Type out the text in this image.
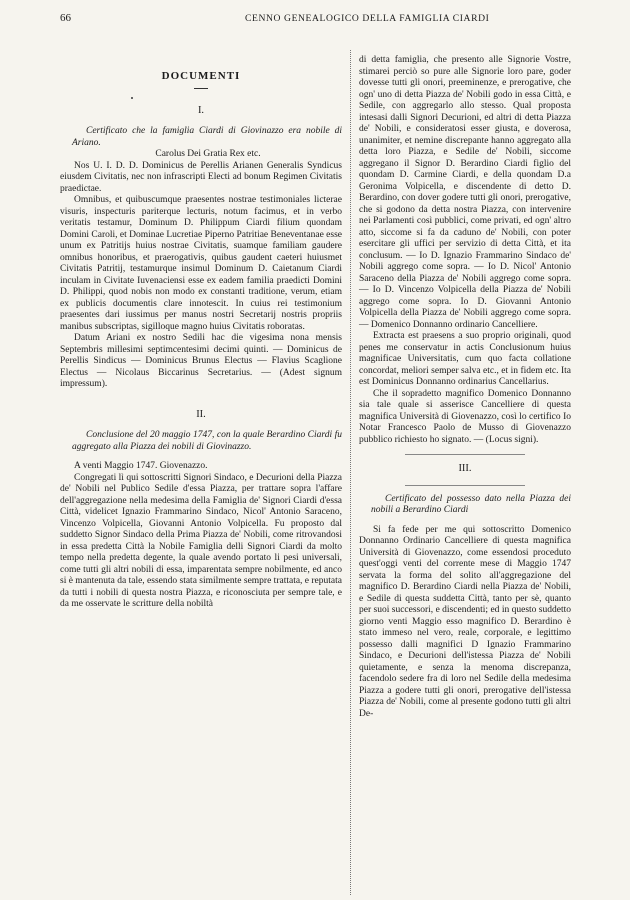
66	CENNO GENEALOGICO DELLA FAMIGLIA CIARDI
DOCUMENTI
I.

Certificato che la famiglia Ciardi di Giovinazzo era nobile di Ariano.

Carolus Dei Gratia Rex etc.

Nos U. I. D. D. Dominicus de Perellis Arianen Generalis Syndicus eiusdem Civitatis, nec non infrascripti Electi ad bonum Regimen Civitatis praedictae.

Omnibus, et quibuscumque praesentes nostrae testimoniales licterae visuris, inspecturis pariterque lecturis, notum facimus, et in verbo veritatis testamur, Dominum D. Philippum Ciardi filium quondam Domini Caroli, et Dominae Lucretiae Piperno Patritiae Beneventanae esse unum ex Patritijs huius nostrae Civitatis, suamque familiam gaudere omnibus honoribus, et praerogativis, quibus gaudent caeteri huiusmet Civitatis Patritij, testamurque insimul Dominum D. Caietanum Ciardi inculam in Civitate Iuvenaciensi esse ex eadem familia praedicti Domini D. Philippi, quod nobis non modo ex constanti traditione, verum, etiam ex publicis documentis clare innotescit. In cuius rei testimonium praesentes dari iussimus per manus nostri Secretarij nostris propriis manibus subscriptas, sigilloque magno huius Civitatis roboratas.

Datum Ariani ex nostro Sedili hac die vigesima nona mensis Septembris millesimi septimcentesimi decimi quinti. — Dominicus de Perellis Sindicus — Dominicus Brunus Electus — Flavius Scaglione Electus — Nicolaus Biccarinus Secretarius. — (Adest signum impressum).

II.

Conclusione del 20 maggio 1747, con la quale Berardino Ciardi fu aggregato alla Piazza dei nobili di Giovinazzo.

A venti Maggio 1747. Giovenazzo.

Congregati lì qui sottoscritti Signori Sindaco, e Decurioni della Piazza de' Nobili nel Publico Sedile d'essa Piazza, per trattare sopra l'affare dell'aggregazione nella medesima della Famiglia de' Signori Ciardi d'essa Città, videlicet Ignazio Frammarino Sindaco, Nicol' Antonio Saraceno, Vincenzo Volpicella, Giovanni Antonio Volpicella. Fu proposto dal suddetto Signor Sindaco della Prima Piazza de' Nobili, come ritrovandosi in essa predetta Città la Nobile Famiglia delli Signori Ciardi da molto tempo nella predetta degente, la quale avendo portato li pesi universali, come tutti gli altri nobili di essa, imparentata sempre nobilmente, ed anco si è mantenuta da tale, essendo stata similmente sempre trattata, e reputata da tutti i nobili di questa nostra Piazza, e riconosciuta per sempre tale, e da me osservate le scritture della nobiltà

di detta famiglia, che presento alle Signorie Vostre, stimarei perciò so pure alle Signorie loro pare, goder dovesse tutti gli onori, preeminenze, e prerogative, che ogn' uno di detta Piazza de' Nobili godo in essa Città, e Sedile, con aggregarlo allo stesso. Qual proposta intesasi dalli Signori Decurioni, ed altri di detta Piazza de' Nobili, e consideratosi esser giusta, e doverosa, unanimiter, et nemine discrepante hanno aggregato alla detta loro Piazza, e Sedile de' Nobili, siccome aggregano il Signor D. Berardino Ciardi figlio del quondam D. Carmine Ciardi, e della quondam D.a Geronima Volpicella, e discendente di detto D. Berardino, con dover godere tutti gli onori, prerogative, che si godono da detta nostra Piazza, con intervenire nei Parlamenti così pubblici, come privati, ed ogn' altro atto, siccome si fa da caduno de' Nobili, con poter esercitare gli uffici per servizio di detta Città, et ita conclusum. — Io D. Ignazio Frammarino Sindaco de' Nobili aggrego come sopra. — Io D. Nicol' Antonio Saraceno della Piazza de' Nobili aggrego come sopra. — Io D. Vincenzo Volpicella della Piazza de' Nobili aggrego come sopra. Io D. Giovanni Antonio Volpicella della Piazza de' Nobili aggrego come sopra. — Domenico Donnanno ordinario Cancelliere.

Extracta est praesens a suo proprio originali, quod penes me conservatur in actis Conclusionum huius magnificae Universitatis, cum quo facta collatione concordat, meliori semper salva etc., et in fidem etc. Ita est Dominicus Donnanno ordinarius Cancellarius.

Che il sopradetto magnifico Domenico Donnanno sia tale quale si asserisce Cancelliere di questa magnifica Università di Giovenazzo, così lo certifico Io Notar Francesco Paolo de Musso di Giovenazzo pubblico richiesto ho signato. — (Locus signi).

III.

Certificato del possesso dato nella Piazza dei nobili a Berardino Ciardi

Si fa fede per me qui sottoscritto Domenico Donnanno Ordinario Cancelliere di questa magnifica Università di Giovenazzo, come essendosi proceduto quest'oggi venti del corrente mese di Maggio 1747 servata la forma del solito all'aggregazione del magnifico D. Berardino Ciardi nella Piazza de' Nobili, e Sedile di questa suddetta Città, tanto per sè, quanto per suoi successori, e discendenti; ed in questo suddetto giorno venti Maggio esso magnifico D. Berardino è stato immeso nel vero, reale, corporale, e legittimo possesso dalli magnifici D Ignazio Frammarino Sindaco, e Decurioni dell'istessa Piazza de' Nobili quietamente, e senza la menoma discrepanza, facendolo sedere fra di loro nel Sedile della medesima Piazza a godere tutti gli onori, prerogative dell'istessa Piazza de' Nobili, come al presente godono tutti gli altri De-
